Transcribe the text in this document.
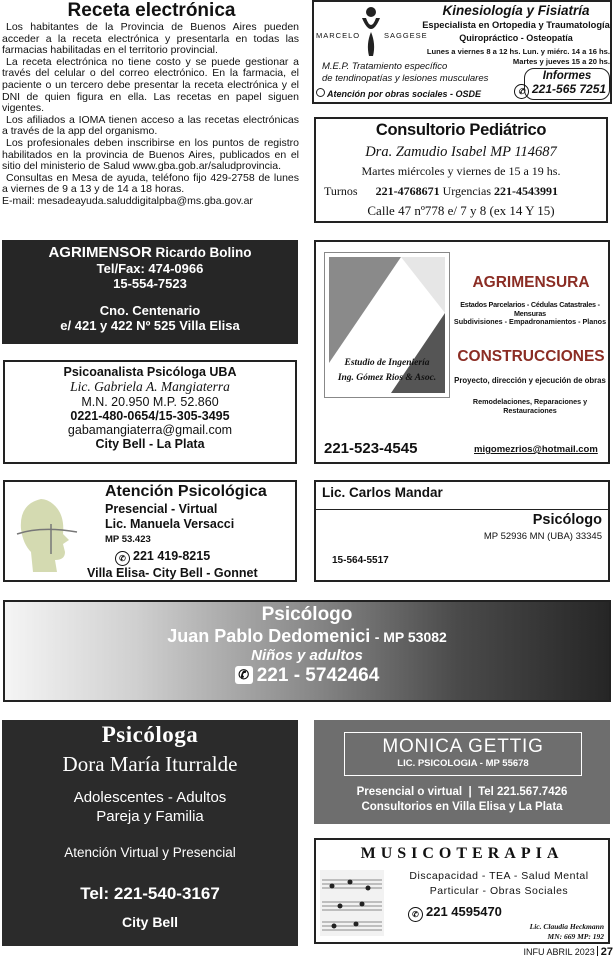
Receta electrónica
Los habitantes de la Provincia de Buenos Aires pueden acceder a la receta electrónica y presentarla en todas las farmacias habilitadas en el territorio provincial.
La receta electrónica no tiene costo y se puede gestionar a través del celular o del correo electrónico. En la farmacia, el paciente o un tercero debe presentar la receta electrónica y el DNI de quien figura en ella. Las recetas en papel siguen vigentes.
Los afiliados a IOMA tienen acceso a las recetas electrónicas a través de la app del organismo.
Los profesionales deben inscribirse en los puntos de registro habilitados en la provincia de Buenos Aires, publicados en el sitio del ministerio de Salud www.gba.gob.ar/saludprovincia.
Consultas en Mesa de ayuda, teléfono fijo 429-2758 de lunes a viernes de 9 a 13 y de 14 a 18 horas.
E-mail: mesadeayuda.saluddigitalpba@ms.gba.gov.ar
MARCELO	SAGGESE
Kinesiología y Fisiatría
Especialista en Ortopedia y Traumatología
Quiropráctico - Osteopatía
Lunes a viernes 8 a 12 hs. Lun. y miérc. 14 a 16 hs.
Martes y jueves 15 a 20 hs.
M.E.P. Tratamiento específico
de tendinopatías y lesiones musculares
Atención por obras sociales - OSDE
Informes
✆ 221-565 7251
Consultorio Pediátrico
Dra. Zamudio Isabel MP 114687
Martes miércoles y viernes de 15 a 19 hs.
Turnos 221-4768671 Urgencias 221-4543991
Calle 47 nº778 e/ 7 y 8 (ex 14 Y 15)
AGRIMENSOR Ricardo Bolino
Tel/Fax: 474-0966
15-554-7523
Cno. Centenario
e/ 421 y 422 Nº 525 Villa Elisa
Estudio de Ingeniería
Ing. Gómez Rios & Asoc.
AGRIMENSURA
Estados Parcelarios - Cédulas Catastrales - Mensuras
Subdivisiones - Empadronamientos - Planos
CONSTRUCCIONES
Proyecto, dirección y ejecución de obras
Remodelaciones, Reparaciones y Restauraciones
221-523-4545	migomezrios@hotmail.com
Psicoanalista Psicóloga UBA
Lic. Gabriela A. Mangiaterra
M.N. 20.950 M.P. 52.860
0221-480-0654/15-305-3495
gabamangiaterra@gmail.com
City Bell - La Plata
Atención Psicológica
Presencial - Virtual
Lic. Manuela Versacci
MP 53.423
✆ 221 419-8215
Villa Elisa- City Bell - Gonnet
Lic. Carlos Mandar
Psicólogo
MP 52936 MN (UBA) 33345
15-564-5517
Psicólogo
Juan Pablo Dedomenici - MP 53082
Niños y adultos
✆ 221 - 5742464
Psicóloga
Dora María Iturralde
Adolescentes - Adultos
Pareja y Familia
Atención Virtual y Presencial
Tel: 221-540-3167
City Bell
MONICA GETTIG
LIC. PSICOLOGIA - MP 55678
Presencial o virtual  |  Tel 221.567.7426
Consultorios en Villa Elisa y La Plata
MUSICOTERAPIA
Discapacidad - TEA - Salud Mental
Particular - Obras Sociales
✆ 221 4595470
Lic. Claudia Heckmann
MN: 669 MP: 192
INFU ABRIL 2023 27
